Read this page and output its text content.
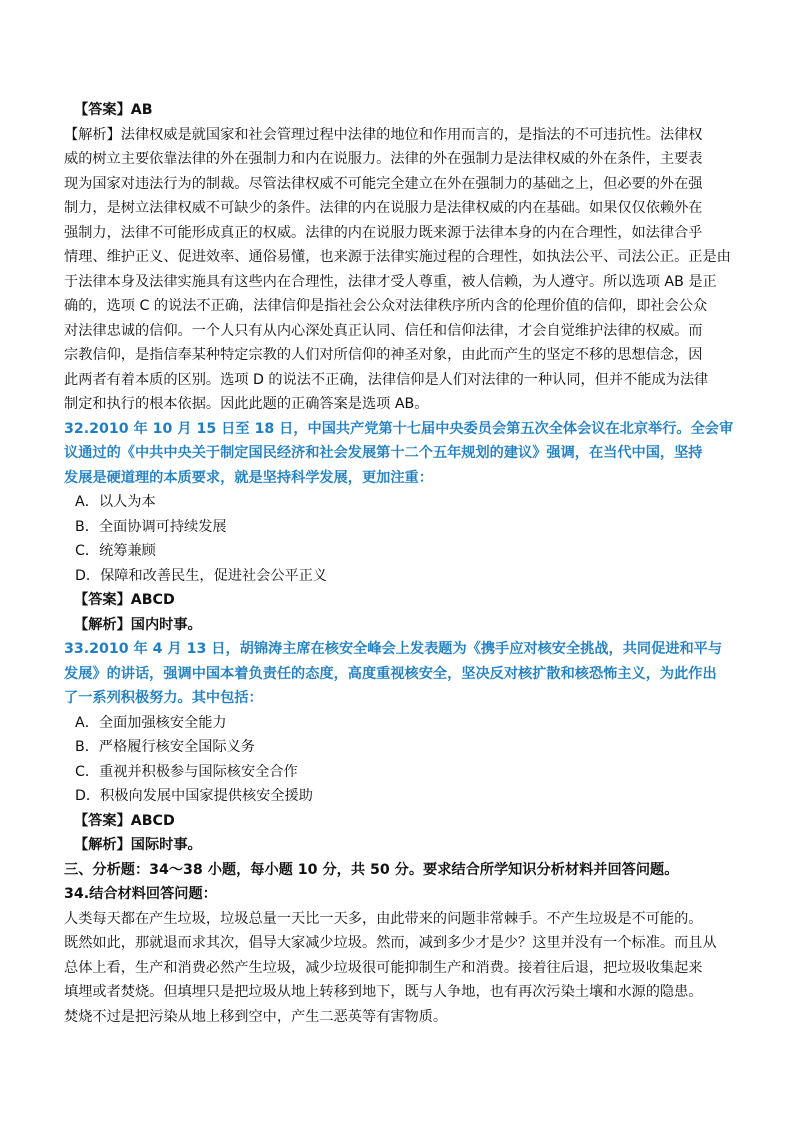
【答案】AB
【解析】法律权威是就国家和社会管理过程中法律的地位和作用而言的，是指法的不可违抗性。法律权
威的树立主要依靠法律的外在强制力和内在说服力。法律的外在强制力是法律权威的外在条件，主要表
现为国家对违法行为的制裁。尽管法律权威不可能完全建立在外在强制力的基础之上，但必要的外在强
制力，是树立法律权威不可缺少的条件。法律的内在说服力是法律权威的内在基础。如果仅仅依赖外在
强制力，法律不可能形成真正的权威。法律的内在说服力既来源于法律本身的内在合理性，如法律合乎
情理、维护正义、促进效率、通俗易懂，也来源于法律实施过程的合理性，如执法公平、司法公正。正是由
于法律本身及法律实施具有这些内在合理性，法律才受人尊重，被人信赖，为人遵守。所以选项 AB 是正
确的，选项 C 的说法不正确，法律信仰是指社会公众对法律秩序所内含的伦理价值的信仰，即社会公众
对法律忠诚的信仰。一个人只有从内心深处真正认同、信任和信仰法律，才会自觉维护法律的权威。而
宗教信仰，是指信奉某种特定宗教的人们对所信仰的神圣对象，由此而产生的坚定不移的思想信念，因
此两者有着本质的区别。选项 D 的说法不正确，法律信仰是人们对法律的一种认同，但并不能成为法律
制定和执行的根本依据。因此此题的正确答案是选项 AB。
32.2010 年 10 月 15 日至 18 日，中国共产党第十七届中央委员会第五次全体会议在北京举行。全会审
议通过的《中共中央关于制定国民经济和社会发展第十二个五年规划的建议》强调，在当代中国，坚持
发展是硬道理的本质要求，就是坚持科学发展，更加注重：
A．以人为本
B．全面协调可持续发展
C．统筹兼顾
D．保障和改善民生，促进社会公平正义
【答案】ABCD
【解析】国内时事。
33.2010 年 4 月 13 日，胡锦涛主席在核安全峰会上发表题为《携手应对核安全挑战，共同促进和平与
发展》的讲话，强调中国本着负责任的态度，高度重视核安全，坚决反对核扩散和核恐怖主义，为此作出
了一系列积极努力。其中包括：
A．全面加强核安全能力
B．严格履行核安全国际义务
C．重视并积极参与国际核安全合作
D．积极向发展中国家提供核安全援助
【答案】ABCD
【解析】国际时事。
三、分析题：34～38 小题，每小题 10 分，共 50 分。要求结合所学知识分析材料并回答问题。
34.结合材料回答问题：
人类每天都在产生垃圾，垃圾总量一天比一天多，由此带来的问题非常棘手。不产生垃圾是不可能的。
既然如此，那就退而求其次，倡导大家减少垃圾。然而，减到多少才是少？这里并没有一个标准。而且从
总体上看，生产和消费必然产生垃圾，减少垃圾很可能抑制生产和消费。接着往后退，把垃圾收集起来
填埋或者焚烧。但填埋只是把垃圾从地上转移到地下，既与人争地，也有再次污染土壤和水源的隐患。
焚烧不过是把污染从地上移到空中，产生二恶英等有害物质。
